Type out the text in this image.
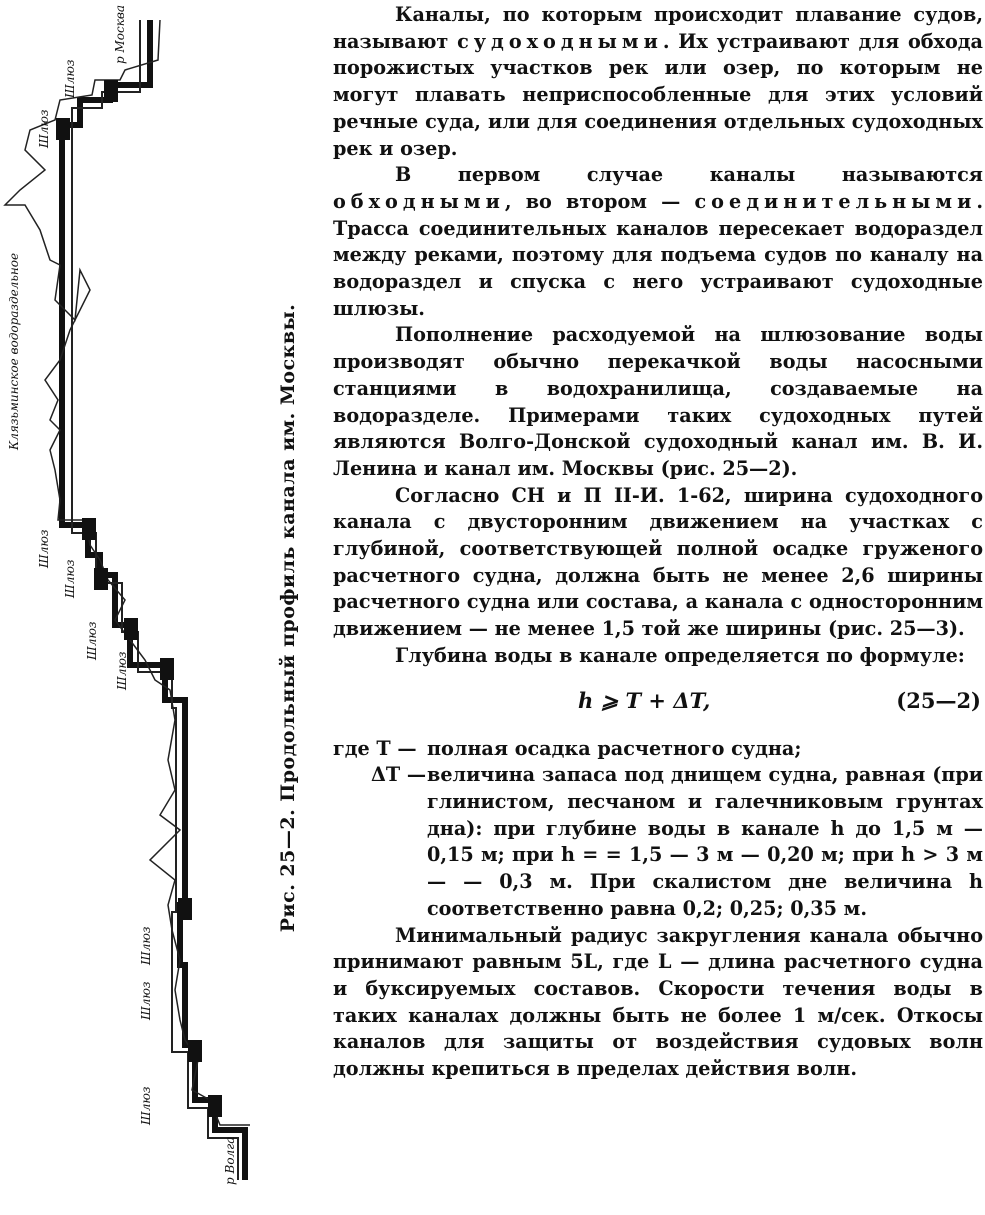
р Москва
р Волга
Клязьминское водораздельное
Шлюз
Шлюз
Шлюз
Шлюз
Шлюз
Шлюз
Шлюз
Шлюз
Шлюз
Рис. 25—2. Продольный профиль канала им. Москвы.

Каналы, по которым происходит плавание судов, называют судоходными. Их устраивают для обхода порожистых участков рек или озер, по которым не могут плавать неприспособленные для этих условий речные суда, или для соединения отдельных судоходных рек и озер.

В первом случае каналы называются обходными, во втором — соединительными. Трасса соединительных каналов пересекает водораздел между реками, поэтому для подъема судов по каналу на водораздел и спуска с него устраивают судоходные шлюзы.

Пополнение расходуемой на шлюзование воды производят обычно перекачкой воды насосными станциями в водохранилища, создаваемые на водоразделе. Примерами таких судоходных путей являются Волго-Донской судоходный канал им. В. И. Ленина и канал им. Москвы (рис. 25—2).

Согласно СН и П II-И. 1-62, ширина судоходного канала с двусторонним движением на участках с глубиной, соответствующей полной осадке груженого расчетного судна, должна быть не менее 2,6 ширины расчетного судна или состава, а канала с односторонним движением — не менее 1,5 той же ширины (рис. 25—3).

Глубина воды в канале определяется по формуле:

h ⩾ T + ΔT,	(25—2)
где T — полная осадка расчетного судна;
ΔT — величина запаса под днищем судна, равная (при глинистом, песчаном и галечниковым грунтах дна): при глубине воды в канале h до 1,5 м — 0,15 м; при h = = 1,5 — 3 м — 0,20 м; при h > 3 м — — 0,3 м. При скалистом дне величина h соответственно равна 0,2; 0,25; 0,35 м.

Минимальный радиус закругления канала обычно принимают равным 5L, где L — длина расчетного судна и буксируемых составов. Скорости течения воды в таких каналах должны быть не более 1 м/сек. Откосы каналов для защиты от воздействия судовых волн должны крепиться в пределах действия волн.
